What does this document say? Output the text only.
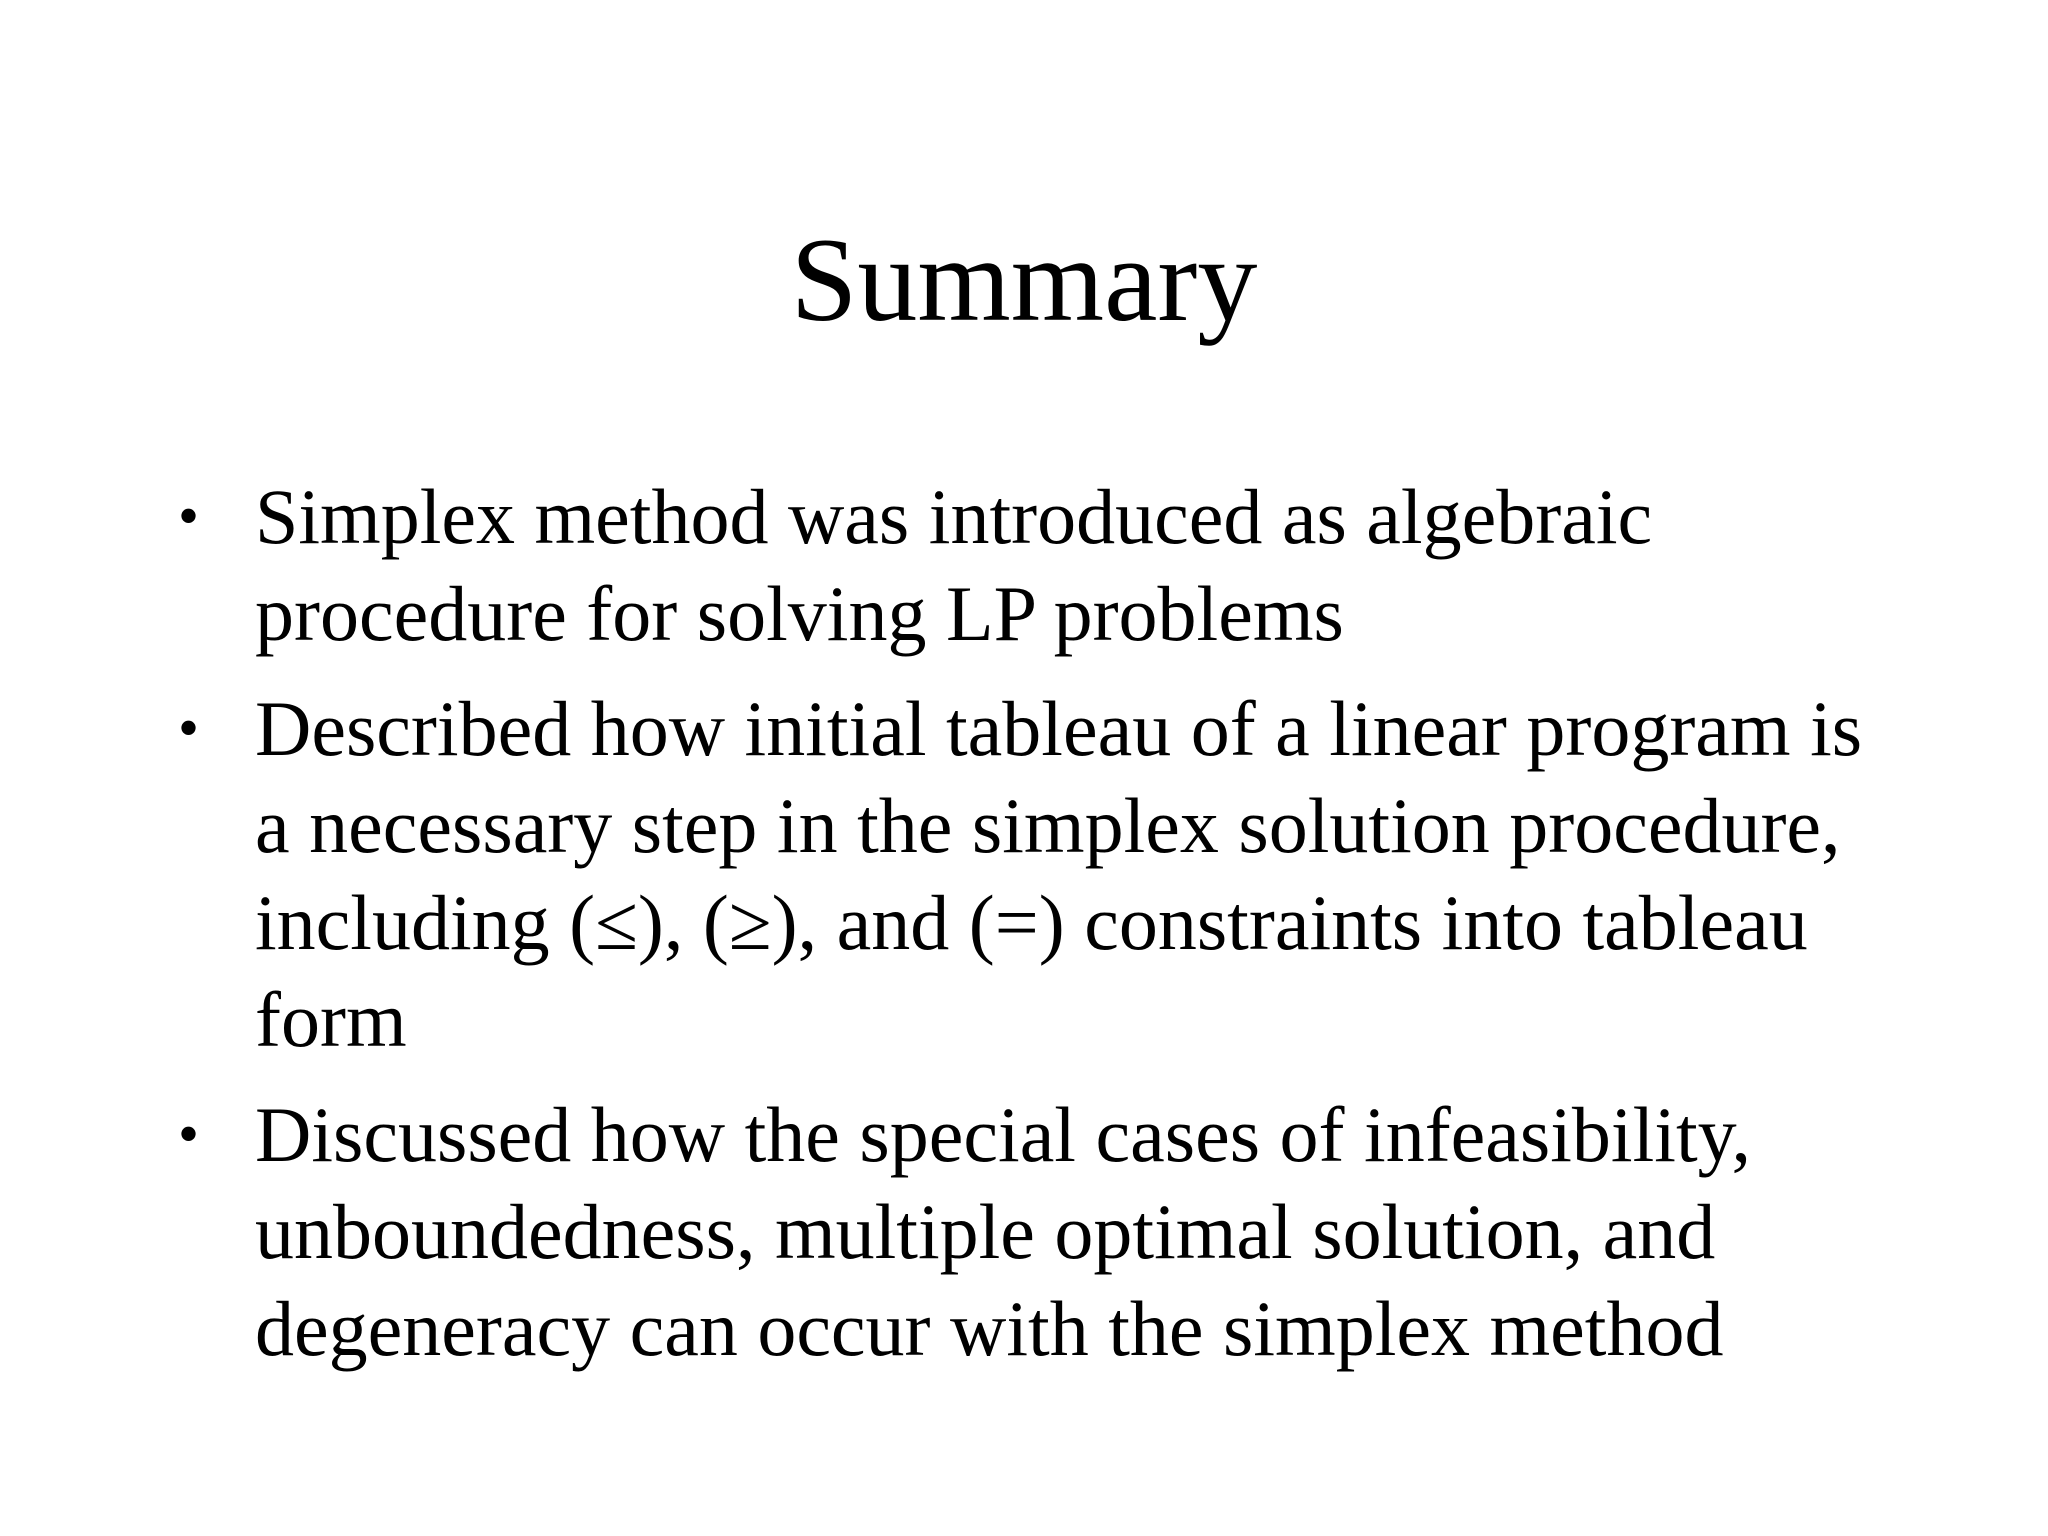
Summary
• Simplex method was introduced as algebraic procedure for solving LP problems
• Described how initial tableau of a linear program is a necessary step in the simplex solution procedure, including (≤), (≥), and (=) constraints into tableau form
• Discussed how the special cases of infeasibility, unboundedness, multiple optimal solution, and degeneracy can occur with the simplex method
